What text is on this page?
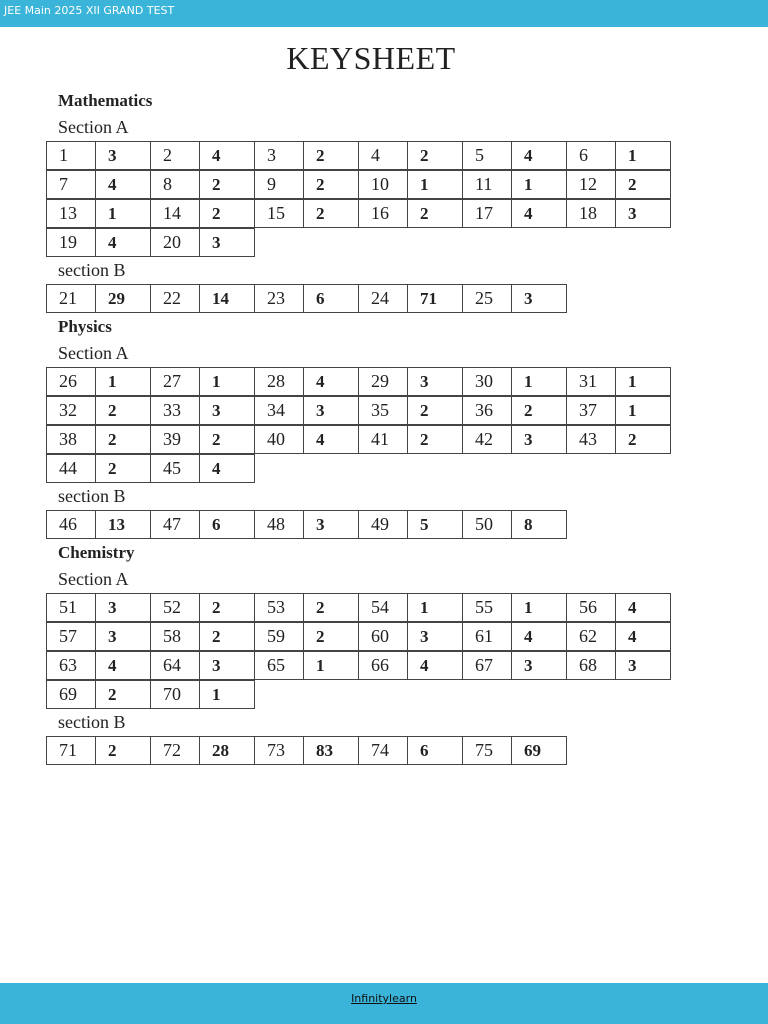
JEE Main 2025 XII GRAND TEST
KEYSHEET
Mathematics
Section A
1	3	2	4	3	2	4	2	5	4	6	1
7	4	8	2	9	2	10	1	11	1	12	2
13	1	14	2	15	2	16	2	17	4	18	3
19	4	20	3
section B
21	29	22	14	23	6	24	71	25	3
Physics
Section A
26	1	27	1	28	4	29	3	30	1	31	1
32	2	33	3	34	3	35	2	36	2	37	1
38	2	39	2	40	4	41	2	42	3	43	2
44	2	45	4
section B
46	13	47	6	48	3	49	5	50	8
Chemistry
Section A
51	3	52	2	53	2	54	1	55	1	56	4
57	3	58	2	59	2	60	3	61	4	62	4
63	4	64	3	65	1	66	4	67	3	68	3
69	2	70	1
section B
71	2	72	28	73	83	74	6	75	69
Infinitylearn
